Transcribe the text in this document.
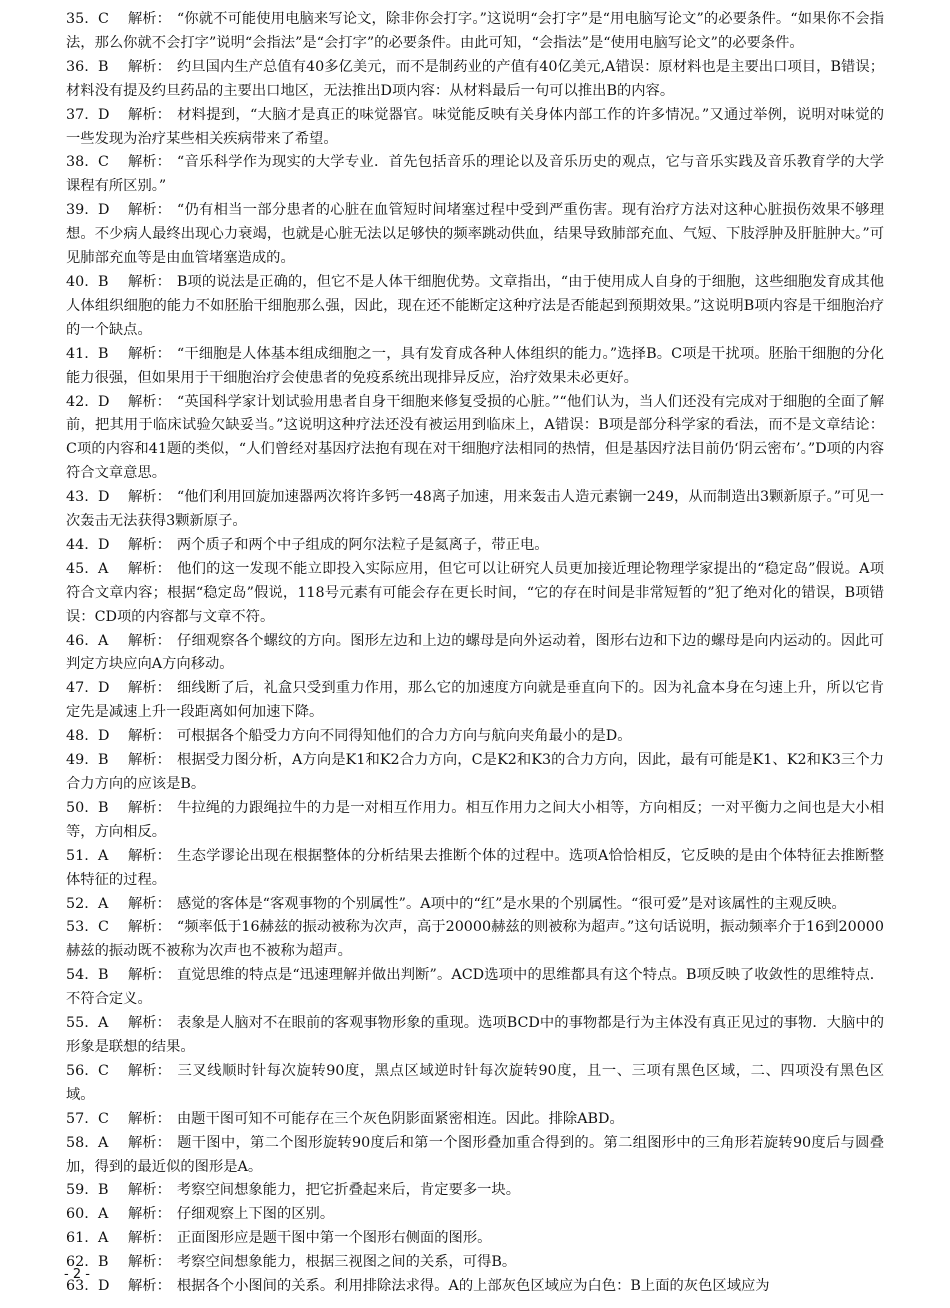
35. C 解析： “你就不可能使用电脑来写论文，除非你会打字。”这说明“会打字”是“用电脑写论文”的必要条件。“如果你不会指法，那么你就不会打字”说明“会指法”是“会打字”的必要条件。由此可知，“会指法”是“使用电脑写论文”的必要条件。

36. B 解析： 约旦国内生产总值有40多亿美元，而不是制药业的产值有40亿美元,A错误：原材料也是主要出口项目，B错误；材料没有提及约旦药品的主要出口地区，无法推出D项内容：从材料最后一句可以推出B的内容。

37. D 解析： 材料提到，“大脑才是真正的味觉器官。味觉能反映有关身体内部工作的许多情况。”又通过举例，说明对味觉的一些发现为治疗某些相关疾病带来了希望。

38. C 解析： “音乐科学作为现实的大学专业．首先包括音乐的理论以及音乐历史的观点，它与音乐实践及音乐教育学的大学课程有所区别。”

39. D 解析： “仍有相当一部分患者的心脏在血管短时间堵塞过程中受到严重伤害。现有治疗方法对这种心脏损伤效果不够理想。不少病人最终出现心力衰竭，也就是心脏无法以足够快的频率跳动供血，结果导致肺部充血、气短、下肢浮肿及肝脏肿大。”可见肺部充血等是由血管堵塞造成的。

40. B 解析： B项的说法是正确的，但它不是人体干细胞优势。文章指出，“由于使用成人自身的于细胞，这些细胞发育成其他人体组织细胞的能力不如胚胎干细胞那么强，因此，现在还不能断定这种疗法是否能起到预期效果。”这说明B项内容是干细胞治疗的一个缺点。

41. B 解析： “干细胞是人体基本组成细胞之一，具有发育成各种人体组织的能力。”选择B。C项是干扰项。胚胎干细胞的分化能力很强，但如果用于干细胞治疗会使患者的免疫系统出现排异反应，治疗效果未必更好。

42. D 解析： “英国科学家计划试验用患者自身干细胞来修复受损的心脏。”“他们认为，当人们还没有完成对于细胞的全面了解前，把其用于临床试验欠缺妥当。”这说明这种疗法还没有被运用到临床上，A错误：B项是部分科学家的看法，而不是文章结论：C项的内容和41题的类似，“人们曾经对基因疗法抱有现在对干细胞疗法相同的热情，但是基因疗法目前仍‘阴云密布’。”D项的内容符合文章意思。

43. D 解析： “他们利用回旋加速器两次将许多钙一48离子加速，用来轰击人造元素锎一249，从而制造出3颗新原子。”可见一次轰击无法获得3颗新原子。

44. D 解析： 两个质子和两个中子组成的阿尔法粒子是氦离子，带正电。

45. A 解析： 他们的这一发现不能立即投入实际应用，但它可以让研究人员更加接近理论物理学家提出的“稳定岛”假说。A项符合文章内容；根据“稳定岛”假说，118号元素有可能会存在更长时间，“它的存在时间是非常短暂的”犯了绝对化的错误，B项错误：CD项的内容都与文章不符。

46. A 解析： 仔细观察各个螺纹的方向。图形左边和上边的螺母是向外运动着，图形右边和下边的螺母是向内运动的。因此可判定方块应向A方向移动。

47. D 解析： 细线断了后，礼盒只受到重力作用，那么它的加速度方向就是垂直向下的。因为礼盒本身在匀速上升，所以它肯定先是减速上升一段距离如何加速下降。

48. D 解析： 可根据各个船受力方向不同得知他们的合力方向与航向夹角最小的是D。

49. B 解析： 根据受力图分析，A方向是K1和K2合力方向，C是K2和K3的合力方向，因此，最有可能是K1、K2和K3三个力合力方向的应该是B。

50. B 解析： 牛拉绳的力跟绳拉牛的力是一对相互作用力。相互作用力之间大小相等，方向相反；一对平衡力之间也是大小相等，方向相反。

51. A 解析： 生态学谬论出现在根据整体的分析结果去推断个体的过程中。选项A恰恰相反，它反映的是由个体特征去推断整体特征的过程。

52. A 解析： 感觉的客体是“客观事物的个别属性”。A项中的“红”是水果的个别属性。“很可爱”是对该属性的主观反映。

53. C 解析： “频率低于16赫兹的振动被称为次声，高于20000赫兹的则被称为超声。”这句话说明，振动频率介于16到20000赫兹的振动既不被称为次声也不被称为超声。

54. B 解析： 直觉思维的特点是“迅速理解并做出判断”。ACD选项中的思维都具有这个特点。B项反映了收敛性的思维特点．不符合定义。

55. A 解析： 表象是人脑对不在眼前的客观事物形象的重现。选项BCD中的事物都是行为主体没有真正见过的事物．大脑中的形象是联想的结果。

56. C 解析： 三叉线顺时针每次旋转90度，黑点区域逆时针每次旋转90度，且一、三项有黑色区域，二、四项没有黑色区域。

57. C 解析： 由题干图可知不可能存在三个灰色阴影面紧密相连。因此。排除ABD。

58. A 解析： 题干图中，第二个图形旋转90度后和第一个图形叠加重合得到的。第二组图形中的三角形若旋转90度后与圆叠加，得到的最近似的图形是A。

59. B 解析： 考察空间想象能力，把它折叠起来后，肯定要多一块。

60. A 解析： 仔细观察上下图的区别。

61. A 解析： 正面图形应是题干图中第一个图形右侧面的图形。

62. B 解析： 考察空间想象能力，根据三视图之间的关系，可得B。

63. D 解析： 根据各个小图间的关系。利用排除法求得。A的上部灰色区域应为白色：B上面的灰色区域应为

- 2 -
